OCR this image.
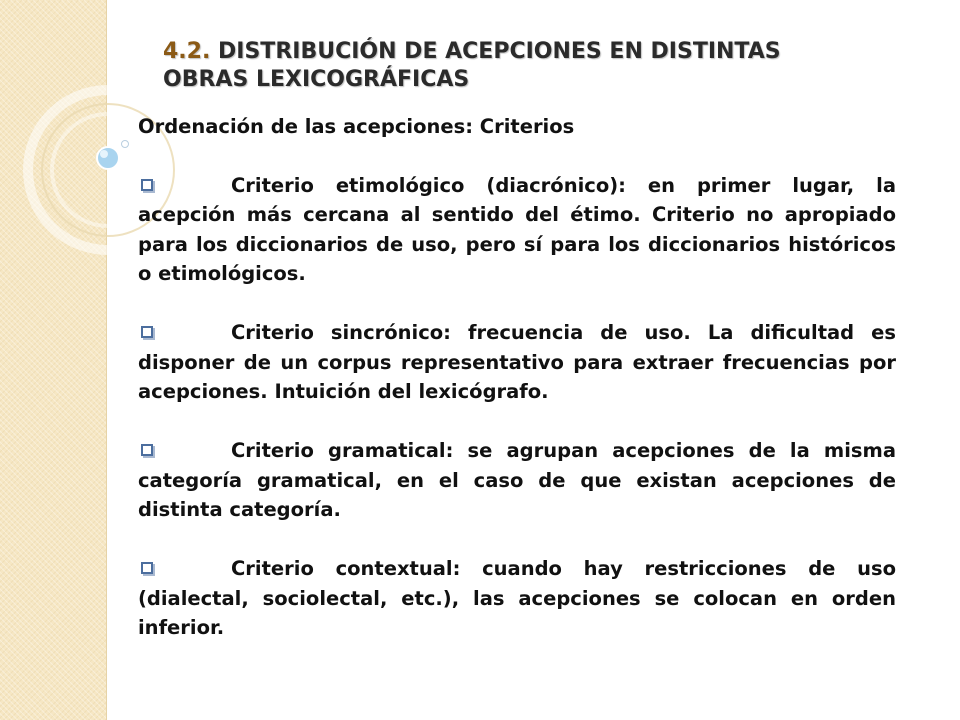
4.2. DISTRIBUCIÓN DE ACEPCIONES EN DISTINTAS
OBRAS LEXICOGRÁFICAS

Ordenación de las acepciones: Criterios

Criterio etimológico (diacrónico): en primer lugar, la acepción más cercana al sentido del étimo. Criterio no apropiado para los diccionarios de uso, pero sí para los diccionarios históricos o etimológicos.

Criterio sincrónico: frecuencia de uso. La dificultad es disponer de un corpus representativo para extraer frecuencias por acepciones. Intuición del lexicógrafo.

Criterio gramatical: se agrupan acepciones de la misma categoría gramatical, en el caso de que existan acepciones de distinta categoría.

Criterio contextual: cuando hay restricciones de uso (dialectal, sociolectal, etc.), las acepciones se colocan en orden inferior.
